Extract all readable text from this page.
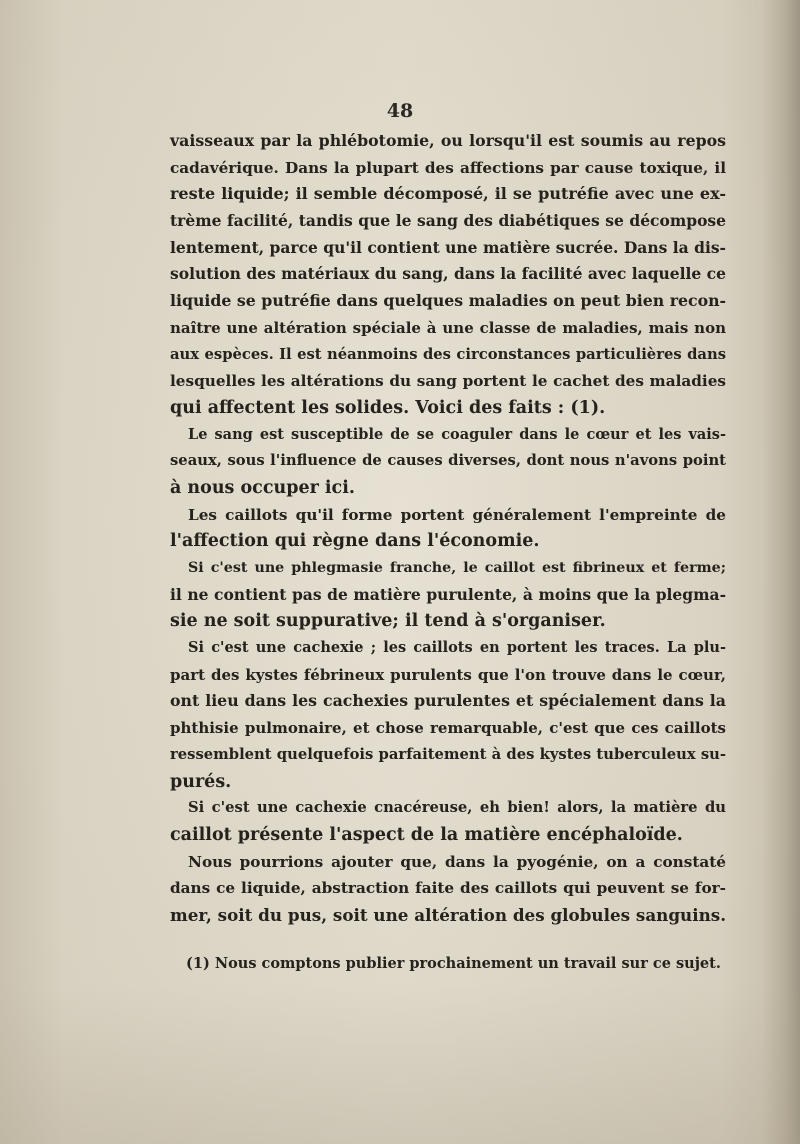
48

vaisseaux par la phlébotomie, ou lorsqu'il est soumis au repos
cadavérique. Dans la plupart des affections par cause toxique, il
reste liquide; il semble décomposé, il se putréfie avec une ex-
trème facilité, tandis que le sang des diabétiques se décompose
lentement, parce qu'il contient une matière sucrée. Dans la dis-
solution des matériaux du sang, dans la facilité avec laquelle ce
liquide se putréfie dans quelques maladies on peut bien recon-
naître une altération spéciale à une classe de maladies, mais non
aux espèces. Il est néanmoins des circonstances particulières dans
lesquelles les altérations du sang portent le cachet des maladies
qui affectent les solides. Voici des faits : (1).
Le sang est susceptible de se coaguler dans le cœur et les vais-
seaux, sous l'influence de causes diverses, dont nous n'avons point
à nous occuper ici.
Les caillots qu'il forme portent généralement l'empreinte de
l'affection qui règne dans l'économie.
Si c'est une phlegmasie franche, le caillot est fibrineux et ferme;
il ne contient pas de matière purulente, à moins que la plegma-
sie ne soit suppurative; il tend à s'organiser.
Si c'est une cachexie ; les caillots en portent les traces. La plu-
part des kystes fébrineux purulents que l'on trouve dans le cœur,
ont lieu dans les cachexies purulentes et spécialement dans la
phthisie pulmonaire, et chose remarquable, c'est que ces caillots
ressemblent quelquefois parfaitement à des kystes tuberculeux su-
purés.
Si c'est une cachexie cnacéreuse, eh bien! alors, la matière du
caillot présente l'aspect de la matière encéphaloïde.
Nous pourrions ajouter que, dans la pyogénie, on a constaté
dans ce liquide, abstraction faite des caillots qui peuvent se for-
mer, soit du pus, soit une altération des globules sanguins.
(1) Nous comptons publier prochainement un travail sur ce sujet.
